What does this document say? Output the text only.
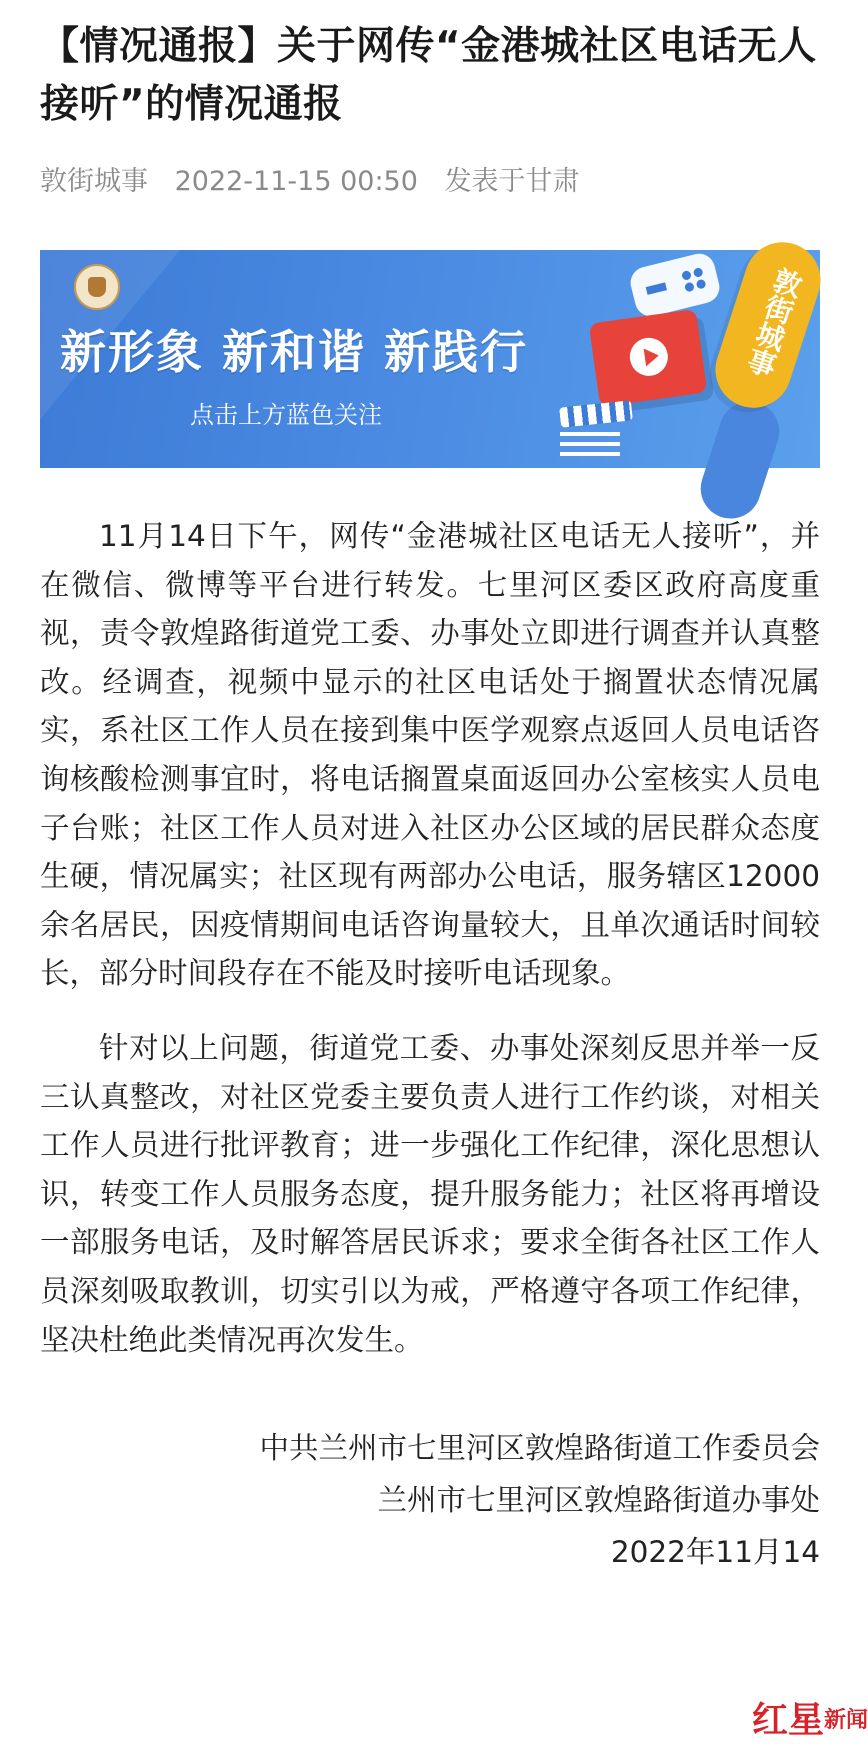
【情况通报】关于网传“金港城社区电话无人接听”的情况通报
敦街城事 2022-11-15 00:50 发表于甘肃
新形象 新和谐 新践行
点击上方蓝色关注
敦街城事

11月14日下午，网传“金港城社区电话无人接听”，并在微信、微博等平台进行转发。七里河区委区政府高度重视，责令敦煌路街道党工委、办事处立即进行调查并认真整改。经调查，视频中显示的社区电话处于搁置状态情况属实，系社区工作人员在接到集中医学观察点返回人员电话咨询核酸检测事宜时，将电话搁置桌面返回办公室核实人员电子台账；社区工作人员对进入社区办公区域的居民群众态度生硬，情况属实；社区现有两部办公电话，服务辖区12000余名居民，因疫情期间电话咨询量较大，且单次通话时间较长，部分时间段存在不能及时接听电话现象。

针对以上问题，街道党工委、办事处深刻反思并举一反三认真整改，对社区党委主要负责人进行工作约谈，对相关工作人员进行批评教育；进一步强化工作纪律，深化思想认识，转变工作人员服务态度，提升服务能力；社区将再增设一部服务电话，及时解答居民诉求；要求全街各社区工作人员深刻吸取教训，切实引以为戒，严格遵守各项工作纪律，坚决杜绝此类情况再次发生。

中共兰州市七里河区敦煌路街道工作委员会
兰州市七里河区敦煌路街道办事处
2022年11月14
红星新闻
